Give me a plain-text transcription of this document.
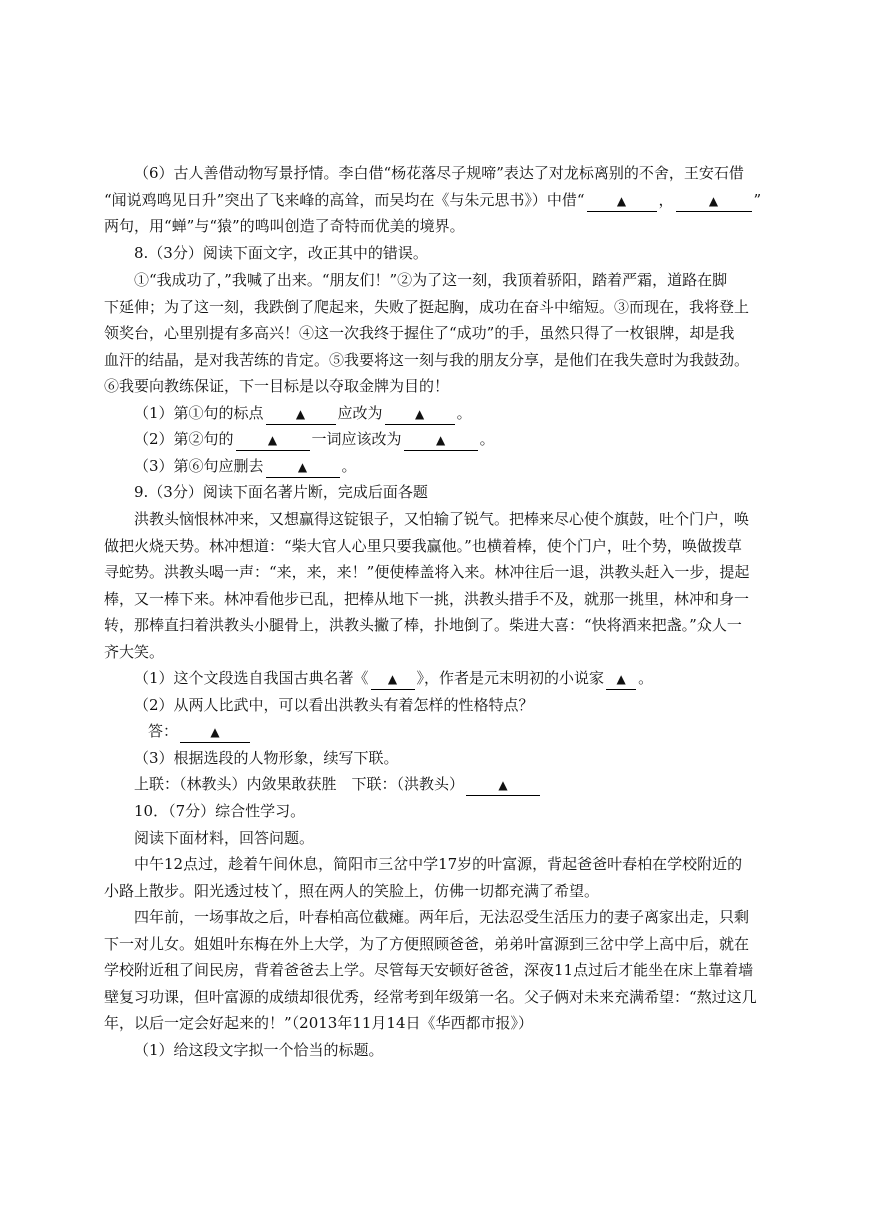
（6）古人善借动物写景抒情。李白借“杨花落尽子规啼”表达了对龙标离别的不舍，王安石借
“闻说鸡鸣见日升”突出了飞来峰的高耸，而吴均在《与朱元思书》）中借“	▲ ，	▲ ”
两句，用“蝉”与“猿”的鸣叫创造了奇特而优美的境界。
8.（3分）阅读下面文字，改正其中的错误。
①“我成功了，”我喊了出来。“朋友们！”②为了这一刻，我顶着骄阳，踏着严霜，道路在脚
下延伸；为了这一刻，我跌倒了爬起来，失败了挺起胸，成功在奋斗中缩短。③而现在，我将登上
领奖台，心里别提有多高兴！④这一次我终于握住了“成功”的手，虽然只得了一枚银牌，却是我
血汗的结晶，是对我苦练的肯定。⑤我要将这一刻与我的朋友分享，是他们在我失意时为我鼓劲。
⑥我要向教练保证，下一目标是以夺取金牌为目的！
（1）第①句的标点	▲ 应改为	▲ 。
（2）第②句的	▲ 一词应该改为	▲ 。
（3）第⑥句应删去	▲ 。
9.（3分）阅读下面名著片断，完成后面各题
洪教头恼恨林冲来，又想赢得这锭银子，又怕输了锐气。把棒来尽心使个旗鼓，吐个门户，唤
做把火烧天势。林冲想道：“柴大官人心里只要我赢他。”也横着棒，使个门户，吐个势，唤做拨草
寻蛇势。洪教头喝一声：“来，来，来！”便使棒盖将入来。林冲往后一退，洪教头赶入一步，提起
棒，又一棒下来。林冲看他步已乱，把棒从地下一挑，洪教头措手不及，就那一挑里，林冲和身一
转，那棒直扫着洪教头小腿骨上，洪教头撇了棒，扑地倒了。柴进大喜：“快将酒来把盏。”众人一
齐大笑。
（1）这个文段选自我国古典名著《 ▲ 》，作者是元末明初的小说家 ▲ 。
（2）从两人比武中，可以看出洪教头有着怎样的性格特点？
答：	▲
（3）根据选段的人物形象，续写下联。
上联：（林教头）内敛果敢获胜　下联：（洪教头）	▲
10．（7分）综合性学习。
阅读下面材料，回答问题。
中午12点过，趁着午间休息，简阳市三岔中学17岁的叶富源，背起爸爸叶春柏在学校附近的
小路上散步。阳光透过枝丫，照在两人的笑脸上，仿佛一切都充满了希望。
四年前，一场事故之后，叶春柏高位截瘫。两年后，无法忍受生活压力的妻子离家出走，只剩
下一对儿女。姐姐叶东梅在外上大学，为了方便照顾爸爸，弟弟叶富源到三岔中学上高中后，就在
学校附近租了间民房，背着爸爸去上学。尽管每天安顿好爸爸，深夜11点过后才能坐在床上靠着墙
壁复习功课，但叶富源的成绩却很优秀，经常考到年级第一名。父子俩对未来充满希望：“熬过这几
年，以后一定会好起来的！”（2013年11月14日《华西都市报》）
（1）给这段文字拟一个恰当的标题。
